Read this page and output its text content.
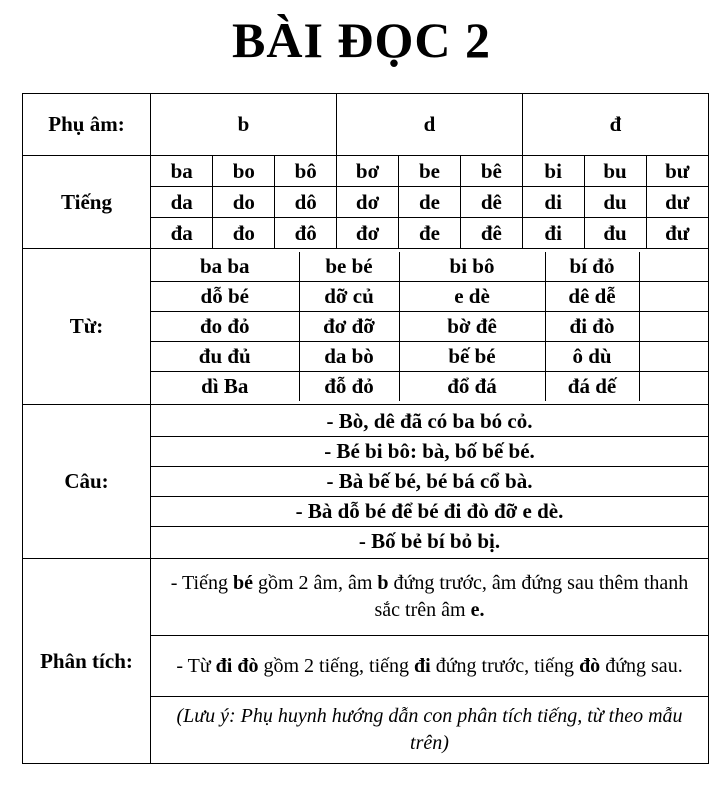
BÀI ĐỌC 2
Phụ âm:	b	d	đ
Tiếng	
ba	bo	bô	bơ	be	bê	bi	bu	bư
da	do	dô	dơ	de	dê	di	du	dư
đa	đo	đô	đơ	đe	đê	đi	đu	đư

Từ:	
ba ba	be bé	bi bô	bí đỏ	
dỗ bé	dỡ củ	e dè	dê dễ	
đo đỏ	đơ đỡ	bờ đê	đi đò	
đu đủ	da bò	bế bé	ô dù	
dì Ba	đỗ đỏ	đổ đá	đá dế	

Câu:	
- Bò, dê đã có ba bó cỏ.
- Bé bi bô: bà, bố bế bé.
- Bà bế bé, bé bá cổ bà.
- Bà dỗ bé để bé đi đò đỡ e dè.
- Bố bẻ bí bỏ bị.

Phân tích:	
- Tiếng bé gồm 2 âm, âm b đứng trước, âm đứng sau thêm thanh sắc trên âm e.

- Từ đi đò gồm 2 tiếng, tiếng đi đứng trước, tiếng đò đứng sau.

(Lưu ý: Phụ huynh hướng dẫn con phân tích tiếng, từ theo mẫu trên)
